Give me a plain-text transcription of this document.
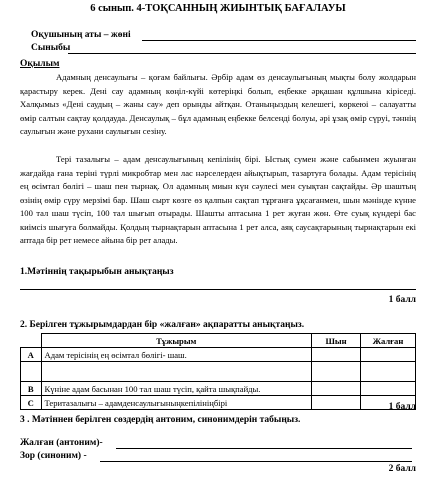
6 сынып. 4-ТОҚСАННЫҢ ЖИЫНТЫҚ БАҒАЛАУЫ
Оқушының аты – жөні
Сыныбы
Оқылым
Адамның денсаулығы – қоғам байлығы. Әрбір адам өз денсаулығының мықты болу жолдарын қарастыру керек. Дені сау адамның көңіл-күйі көтеріңкі болып, еңбекке әрқашан құлшына кіріседі. Халқымыз «Дені саудың – жаны сау» деп орынды айтқан. Отаныңыздың келешегі, көркеюі – салауатты өмір салтын сақтау қолдауда. Денсаулық – бұл адамның еңбекке белсенді болуы, әрі ұзақ өмір сүруі, тәннің саулығын және рухани саулығын сезіну.
Тері тазалығы – адам денсаулығының кепілінің бірі. Ыстық сумен және сабынмен жуынған жағдайда ғана теріні түрлі микробтар мен лас нәрселерден айықтырып, тазартуға болады. Адам терісінің ең өсімтал бөлігі – шаш пен тырнақ. Ол адамның миын күн сәулесі мен суықтан сақтайды. Әр шаштың өзінің өмір сүру мерзімі бар. Шаш сырт көзге өз қалпын сақтап тұрғанға ұқсағанмен, шын мәнінде күнне 100 тал шаш түсіп, 100 тал шығып отырады. Шашты аптасына 1 рет жуған жөн. Өте суық күндері бас киімсіз шығуға болмайды. Қолдың тырнақтарын аптасына 1 рет алса, аяқ саусақтарының тырнақтарын екі аптада бір рет немесе айына бір рет алады.
1.Мәтіннің тақырыбын анықтаңыз
1 балл
2. Берілген тұжырымдардан бір «жалған» ақпаратты анықтаңыз.
	Тұжырым	Шын	Жалған
А	Адам терісінің ең өсімтал бөлігі- шаш.		

В	Күніне адам басынан 100 тал шаш түсіп, қайта шықпайды.		
С	Теритазалығы – адамденсаулығыныңкепілініңбірі			1 балл
3 . Мәтіннен берілген сөздердің антоним, синонимдерін табыңыз.
Жалған (антоним)-
Зор (синоним) -
2 балл
